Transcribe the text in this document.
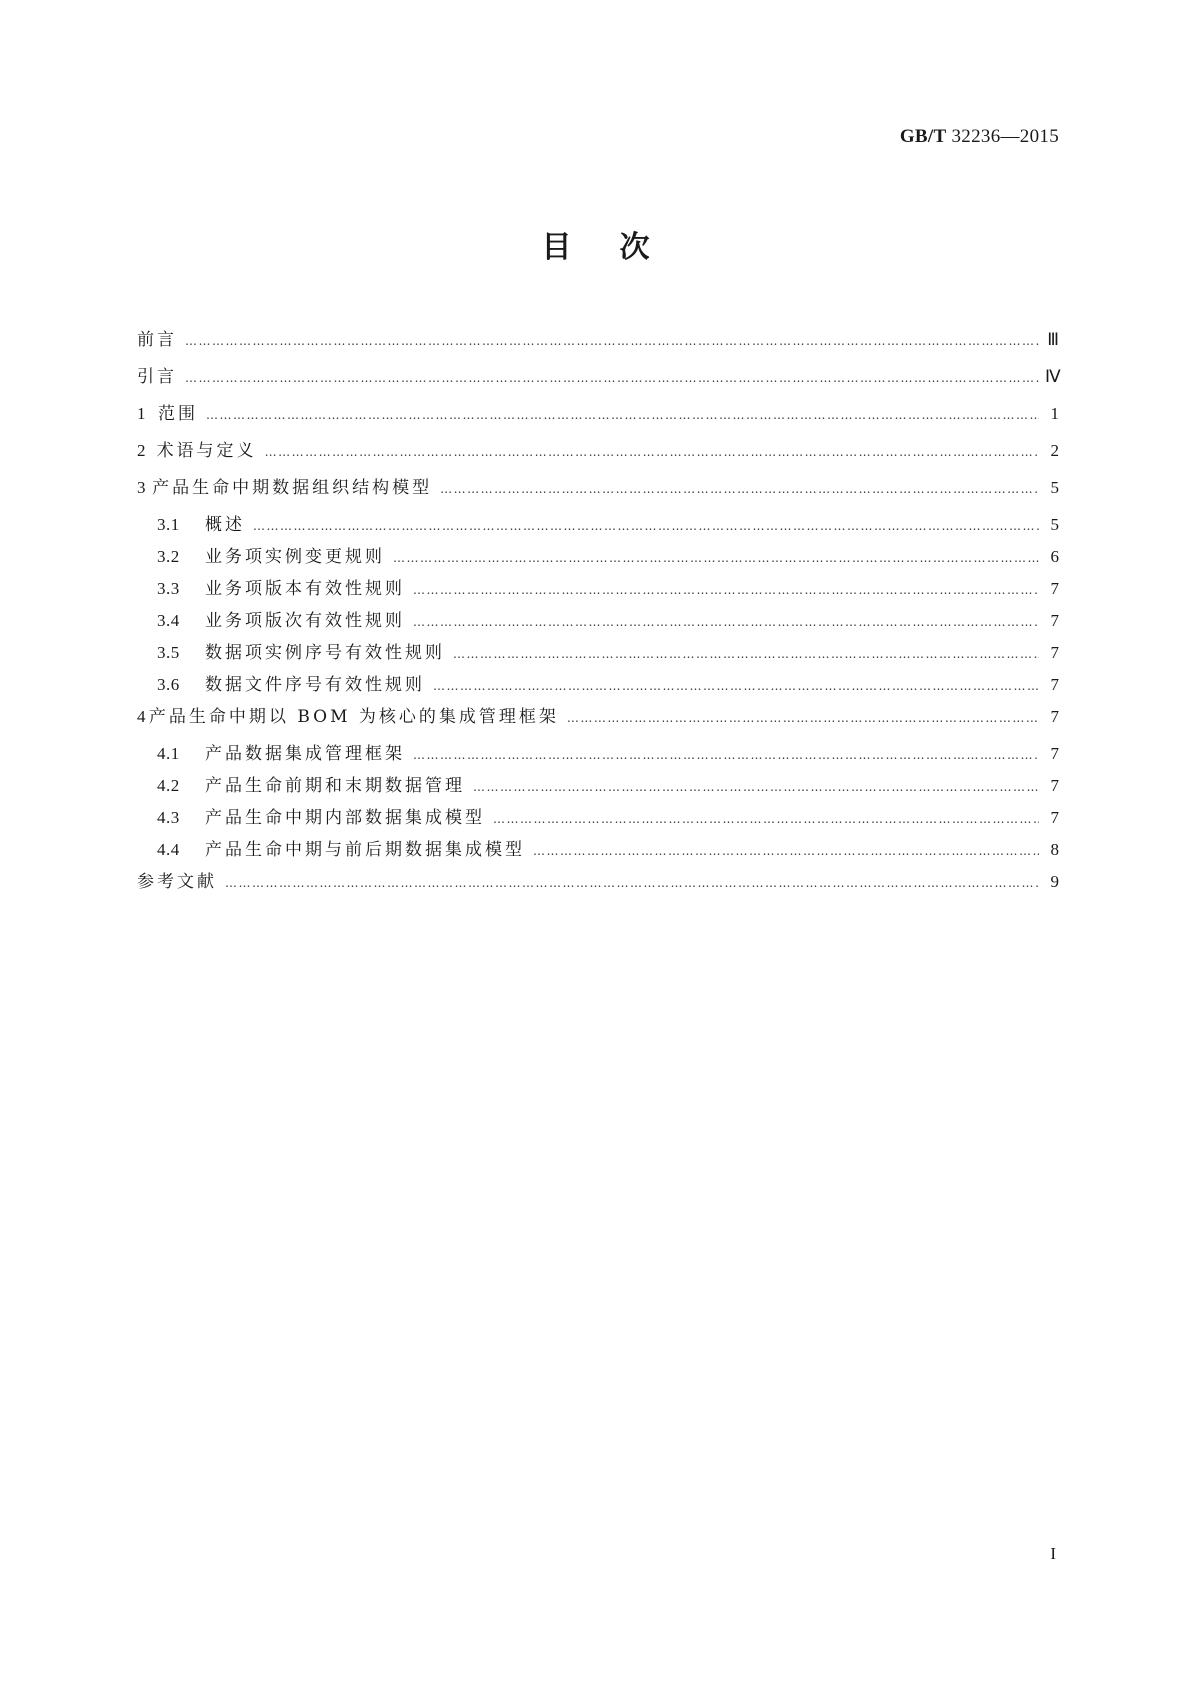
GB/T 32236—2015
目次
前言 …………………………………………………………………………………………………………………………………………………………………………………………………………………………………………	Ⅲ
引言 …………………………………………………………………………………………………………………………………………………………………………………………………………………………………………	Ⅳ
1 范围 …………………………………………………………………………………………………………………………………………………………………………………………………………………………………………	1
2 术语与定义 …………………………………………………………………………………………………………………………………………………………………………………………………………………………………………	2
3 产品生命中期数据组织结构模型 …………………………………………………………………………………………………………………………………………………………………………………………………………………………………………	5
3.1	概述 …………………………………………………………………………………………………………………………………………………………………………………………………………………………………………	5
3.2	业务项实例变更规则 …………………………………………………………………………………………………………………………………………………………………………………………………………………………………………	6
3.3	业务项版本有效性规则 …………………………………………………………………………………………………………………………………………………………………………………………………………………………………………	7
3.4	业务项版次有效性规则 …………………………………………………………………………………………………………………………………………………………………………………………………………………………………………	7
3.5	数据项实例序号有效性规则 …………………………………………………………………………………………………………………………………………………………………………………………………………………………………………	7
3.6	数据文件序号有效性规则 …………………………………………………………………………………………………………………………………………………………………………………………………………………………………………	7
4 产品生命中期以 BOM 为核心的集成管理框架 …………………………………………………………………………………………………………………………………………………………………………………………………………………………………………	7
4.1	产品数据集成管理框架 …………………………………………………………………………………………………………………………………………………………………………………………………………………………………………	7
4.2	产品生命前期和末期数据管理 …………………………………………………………………………………………………………………………………………………………………………………………………………………………………………	7
4.3	产品生命中期内部数据集成模型 …………………………………………………………………………………………………………………………………………………………………………………………………………………………………………	7
4.4	产品生命中期与前后期数据集成模型 …………………………………………………………………………………………………………………………………………………………………………………………………………………………………………	8
参考文献 …………………………………………………………………………………………………………………………………………………………………………………………………………………………………………	9
I
